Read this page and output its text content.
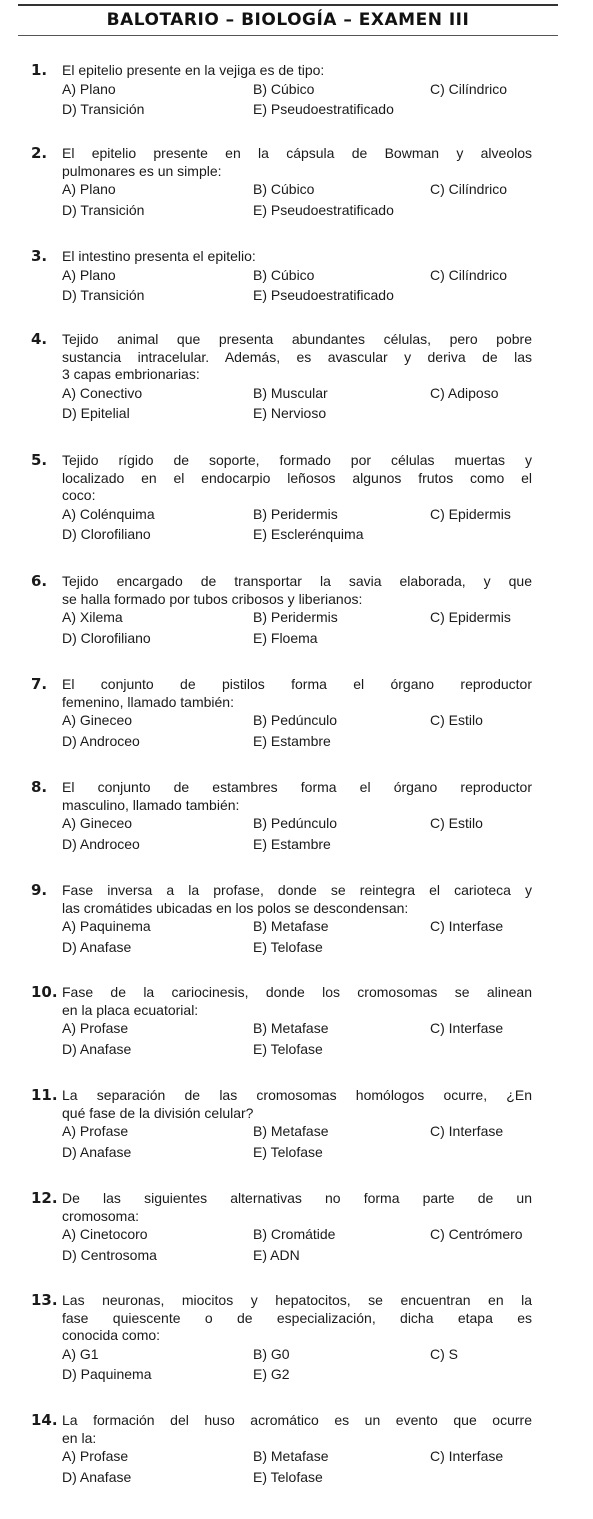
BALOTARIO – BIOLOGÍA – EXAMEN III
1. El epitelio presente en la vejiga es de tipo:
A) Plano	B) Cúbico	C) Cilíndrico
D) Transición	E) Pseudoestratificado
2. El epitelio presente en la cápsula de Bowman y alveolos
pulmonares es un simple:
A) Plano	B) Cúbico	C) Cilíndrico
D) Transición	E) Pseudoestratificado
3. El intestino presenta el epitelio:
A) Plano	B) Cúbico	C) Cilíndrico
D) Transición	E) Pseudoestratificado
4. Tejido animal que presenta abundantes células, pero pobre
sustancia intracelular. Además, es avascular y deriva de las
3 capas embrionarias:
A) Conectivo	B) Muscular	C) Adiposo
D) Epitelial	E) Nervioso
5. Tejido rígido de soporte, formado por células muertas y
localizado en el endocarpio leñosos algunos frutos como el
coco:
A) Colénquima	B) Peridermis	C) Epidermis
D) Clorofiliano	E) Esclerénquima
6. Tejido encargado de transportar la savia elaborada, y que
se halla formado por tubos cribosos y liberianos:
A) Xilema	B) Peridermis	C) Epidermis
D) Clorofiliano	E) Floema
7. El conjunto de pistilos forma el órgano reproductor
femenino, llamado también:
A) Gineceo	B) Pedúnculo	C) Estilo
D) Androceo	E) Estambre
8. El conjunto de estambres forma el órgano reproductor
masculino, llamado también:
A) Gineceo	B) Pedúnculo	C) Estilo
D) Androceo	E) Estambre
9. Fase inversa a la profase, donde se reintegra el carioteca y
las cromátides ubicadas en los polos se descondensan:
A) Paquinema	B) Metafase	C) Interfase
D) Anafase	E) Telofase
10. Fase de la cariocinesis, donde los cromosomas se alinean
en la placa ecuatorial:
A) Profase	B) Metafase	C) Interfase
D) Anafase	E) Telofase
11. La separación de las cromosomas homólogos ocurre, ¿En
qué fase de la división celular?
A) Profase	B) Metafase	C) Interfase
D) Anafase	E) Telofase
12. De las siguientes alternativas no forma parte de un
cromosoma:
A) Cinetocoro	B) Cromátide	C) Centrómero
D) Centrosoma	E) ADN
13. Las neuronas, miocitos y hepatocitos, se encuentran en la
fase quiescente o de especialización, dicha etapa es
conocida como:
A) G1	B) G0	C) S
D) Paquinema	E) G2
14. La formación del huso acromático es un evento que ocurre
en la:
A) Profase	B) Metafase	C) Interfase
D) Anafase	E) Telofase
